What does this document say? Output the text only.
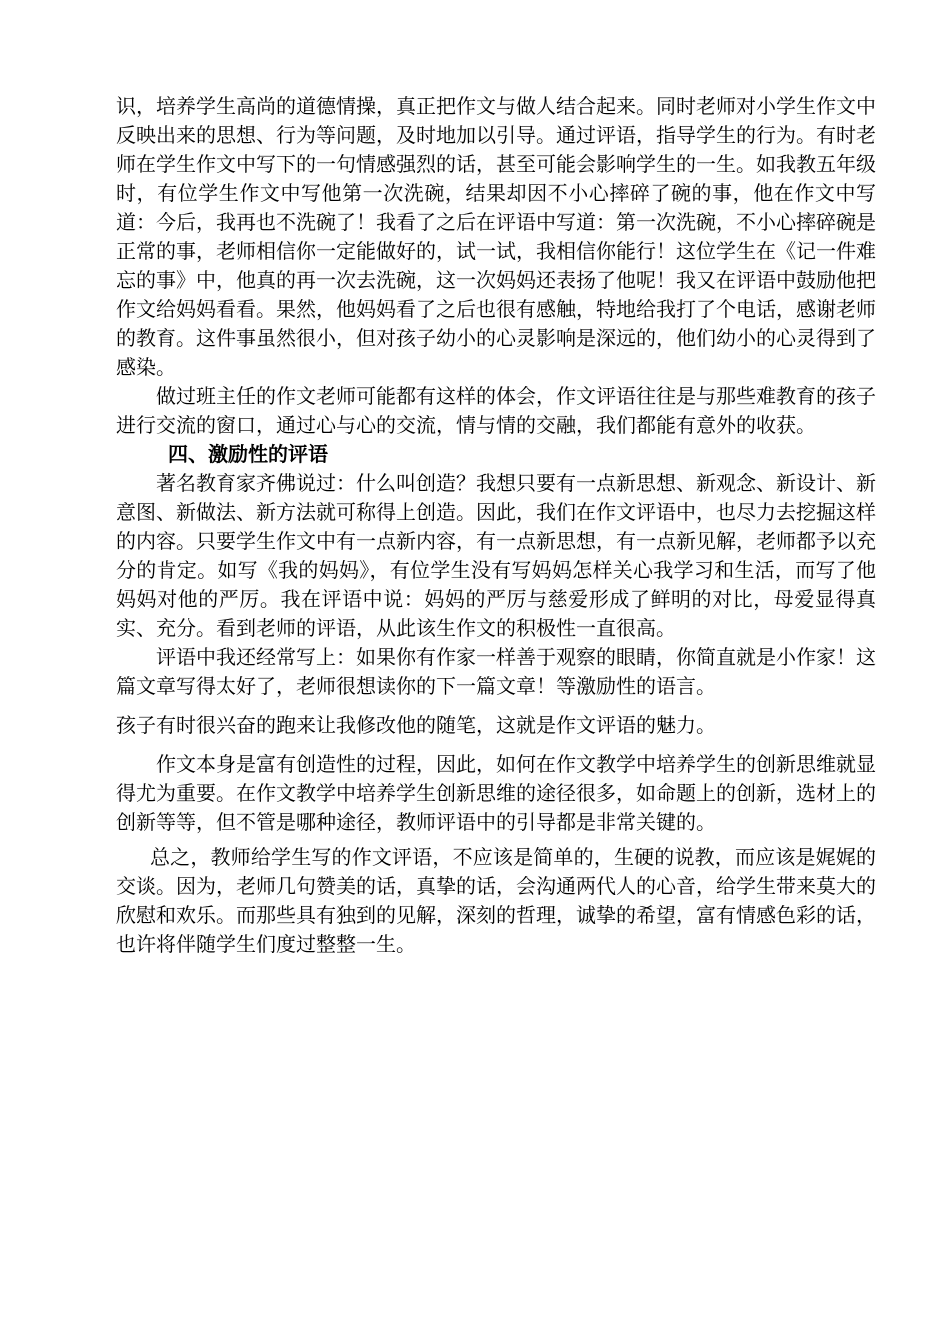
识，培养学生高尚的道德情操，真正把作文与做人结合起来。同时老师对小学生作文中反映出来的思想、行为等问题，及时地加以引导。通过评语，指导学生的行为。有时老师在学生作文中写下的一句情感强烈的话，甚至可能会影响学生的一生。如我教五年级时，有位学生作文中写他第一次洗碗，结果却因不小心摔碎了碗的事，他在作文中写道：今后，我再也不洗碗了！我看了之后在评语中写道：第一次洗碗，不小心摔碎碗是正常的事，老师相信你一定能做好的，试一试，我相信你能行！这位学生在《记一件难忘的事》中，他真的再一次去洗碗，这一次妈妈还表扬了他呢！我又在评语中鼓励他把作文给妈妈看看。果然，他妈妈看了之后也很有感触，特地给我打了个电话，感谢老师的教育。这件事虽然很小，但对孩子幼小的心灵影响是深远的，他们幼小的心灵得到了感染。

做过班主任的作文老师可能都有这样的体会，作文评语往往是与那些难教育的孩子进行交流的窗口，通过心与心的交流，情与情的交融，我们都能有意外的收获。

四、激励性的评语

著名教育家齐佛说过：什么叫创造？我想只要有一点新思想、新观念、新设计、新意图、新做法、新方法就可称得上创造。因此，我们在作文评语中，也尽力去挖掘这样的内容。只要学生作文中有一点新内容，有一点新思想，有一点新见解，老师都予以充分的肯定。如写《我的妈妈》，有位学生没有写妈妈怎样关心我学习和生活，而写了他妈妈对他的严厉。我在评语中说：妈妈的严厉与慈爱形成了鲜明的对比，母爱显得真实、充分。看到老师的评语，从此该生作文的积极性一直很高。

评语中我还经常写上：如果你有作家一样善于观察的眼睛，你简直就是小作家！这篇文章写得太好了，老师很想读你的下一篇文章！等激励性的语言。

孩子有时很兴奋的跑来让我修改他的随笔，这就是作文评语的魅力。

作文本身是富有创造性的过程，因此，如何在作文教学中培养学生的创新思维就显得尤为重要。在作文教学中培养学生创新思维的途径很多，如命题上的创新，选材上的创新等等，但不管是哪种途径，教师评语中的引导都是非常关键的。

总之，教师给学生写的作文评语，不应该是简单的，生硬的说教，而应该是娓娓的交谈。因为，老师几句赞美的话，真挚的话，会沟通两代人的心音，给学生带来莫大的欣慰和欢乐。而那些具有独到的见解，深刻的哲理，诚挚的希望，富有情感色彩的话，也许将伴随学生们度过整整一生。
